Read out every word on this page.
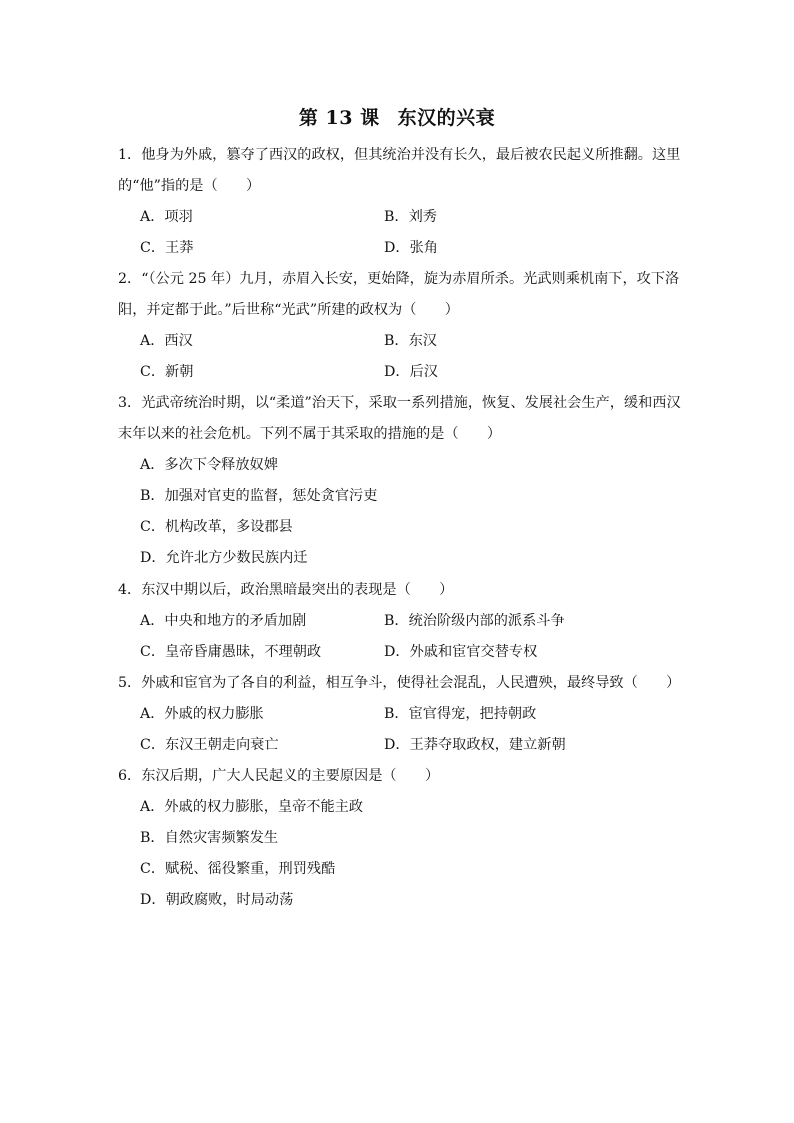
第 13 课 东汉的兴衰

1．他身为外戚，篡夺了西汉的政权，但其统治并没有长久，最后被农民起义所推翻。这里的“他”指的是（　　）

A．项羽	B．刘秀
C．王莽	D．张角

2．“（公元 25 年）九月，赤眉入长安，更始降，旋为赤眉所杀。光武则乘机南下，攻下洛阳，并定都于此。”后世称“光武”所建的政权为（　　）

A．西汉	B．东汉
C．新朝	D．后汉

3．光武帝统治时期，以“柔道”治天下，采取一系列措施，恢复、发展社会生产，缓和西汉末年以来的社会危机。下列不属于其采取的措施的是（　　）

A．多次下令释放奴婢
B．加强对官吏的监督，惩处贪官污吏
C．机构改革，多设郡县
D．允许北方少数民族内迁

4．东汉中期以后，政治黑暗最突出的表现是（　　）

A．中央和地方的矛盾加剧	B．统治阶级内部的派系斗争
C．皇帝昏庸愚昧，不理朝政	D．外戚和宦官交替专权

5．外戚和宦官为了各自的利益，相互争斗，使得社会混乱，人民遭殃，最终导致（　　）

A．外戚的权力膨胀	B．宦官得宠，把持朝政
C．东汉王朝走向衰亡	D．王莽夺取政权，建立新朝

6．东汉后期，广大人民起义的主要原因是（　　）

A．外戚的权力膨胀，皇帝不能主政
B．自然灾害频繁发生
C．赋税、徭役繁重，刑罚残酷
D．朝政腐败，时局动荡
